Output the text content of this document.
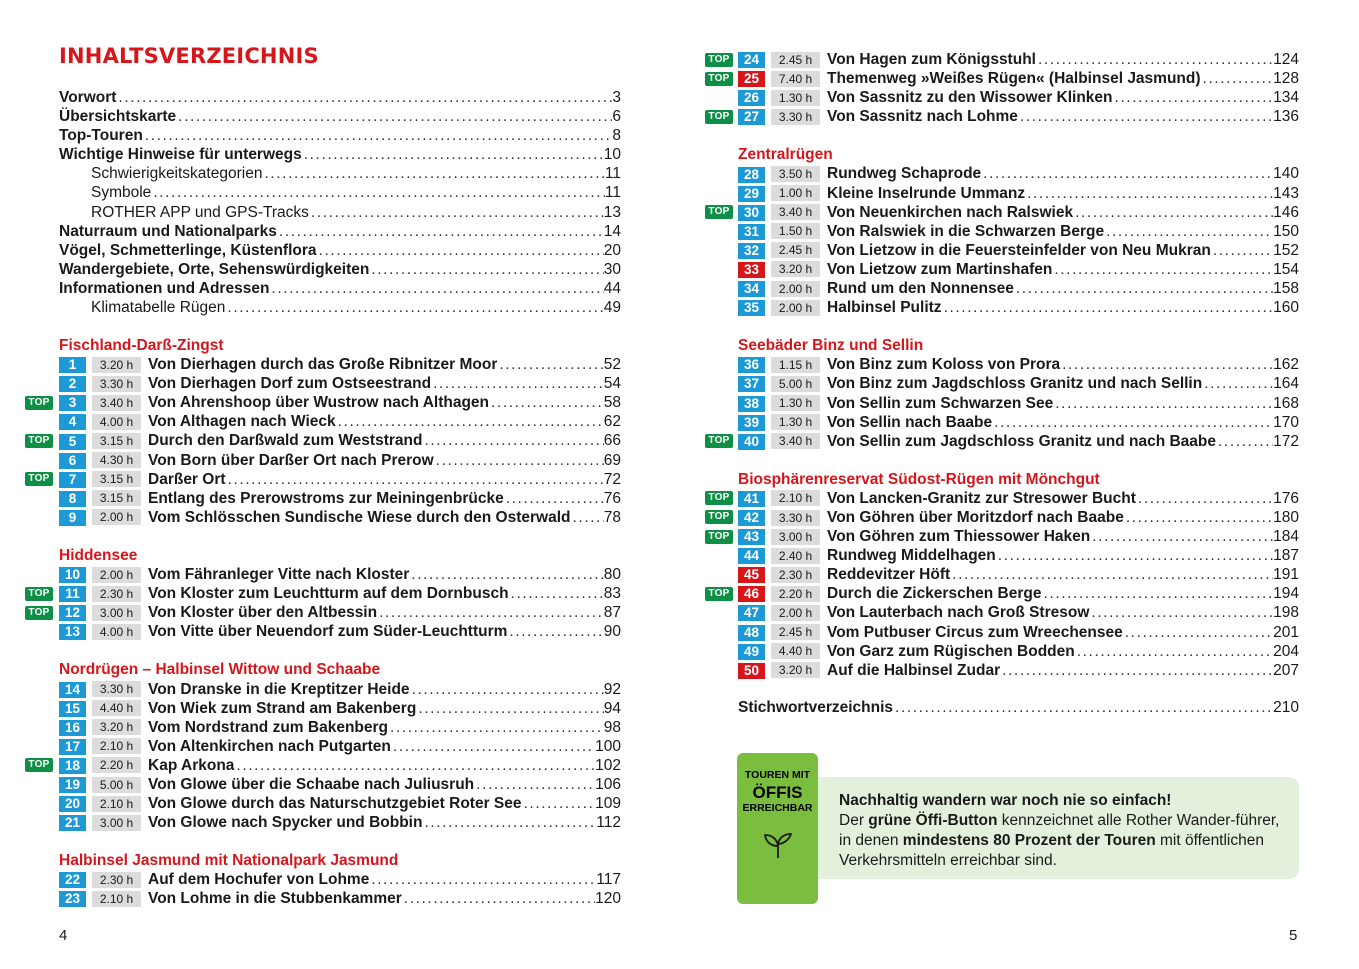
INHALTSVERZEICHNIS
Vorwort .....	3
Übersichtskarte .....	6
Top-Touren .....	8
Wichtige Hinweise für unterwegs .....	10
Schwierigkeitskategorien .....	11
Symbole .....	11
ROTHER APP und GPS-Tracks .....	13
Naturraum und Nationalparks .....	14
Vögel, Schmetterlinge, Küstenflora .....	20
Wandergebiete, Orte, Sehenswürdigkeiten .....	30
Informationen und Adressen .....	44
Klimatabelle Rügen .....	49
Fischland-Darß-Zingst
1	3.20 h Von Dierhagen durch das Große Ribnitzer Moor .....	52
2	3.30 h Von Dierhagen Dorf zum Ostseestrand .....	54
TOP	3	3.40 h Von Ahrenshoop über Wustrow nach Althagen .....	58
4	4.00 h Von Althagen nach Wieck .....	62
TOP	5	3.15 h Durch den Darßwald zum Weststrand .....	66
6	4.30 h Von Born über Darßer Ort nach Prerow .....	69
TOP	7	3.15 h Darßer Ort .....	72
8	3.15 h Entlang des Prerowstroms zur Meiningenbrücke .....	76
9	2.00 h Vom Schlösschen Sundische Wiese durch den Osterwald ..... 78
Hiddensee
10	2.00 h Vom Fähranleger Vitte nach Kloster .....	80
TOP	11	2.30 h Von Kloster zum Leuchtturm auf dem Dornbusch .....	83
TOP	12	3.00 h Von Kloster über den Altbessin .....	87
13	4.00 h Von Vitte über Neuendorf zum Süder-Leuchtturm .....	90
Nordrügen – Halbinsel Wittow und Schaabe
14	3.30 h Von Dranske in die Kreptitzer Heide .....	92
15	4.40 h Von Wiek zum Strand am Bakenberg .....	94
16	3.20 h Vom Nordstrand zum Bakenberg .....	98
17	2.10 h Von Altenkirchen nach Putgarten .....	100
TOP	18	2.20 h Kap Arkona .....	102
19	5.00 h Von Glowe über die Schaabe nach Juliusruh .....	106
20	2.10 h Von Glowe durch das Naturschutzgebiet Roter See .....	109
21	3.00 h Von Glowe nach Spycker und Bobbin .....	112
Halbinsel Jasmund mit Nationalpark Jasmund
22	2.30 h Auf dem Hochufer von Lohme .....	117
23	2.10 h Von Lohme in die Stubbenkammer .....	120
4
TOP	24	2.45 h Von Hagen zum Königsstuhl .....	124
TOP	25	7.40 h Themenweg »Weißes Rügen« (Halbinsel Jasmund) .....	128
26	1.30 h Von Sassnitz zu den Wissower Klinken .....	134
TOP	27	3.30 h Von Sassnitz nach Lohme .....	136
Zentralrügen
28	3.50 h Rundweg Schaprode .....	140
29	1.00 h Kleine Inselrunde Ummanz .....	143
TOP	30	3.40 h Von Neuenkirchen nach Ralswiek .....	146
31	1.50 h Von Ralswiek in die Schwarzen Berge .....	150
32	2.45 h Von Lietzow in die Feuersteinfelder von Neu Mukran .....	152
33	3.20 h Von Lietzow zum Martinshafen .....	154
34	2.00 h Rund um den Nonnensee .....	158
35	2.00 h Halbinsel Pulitz .....	160
Seebäder Binz und Sellin
36	1.15 h Von Binz zum Koloss von Prora .....	162
37	5.00 h Von Binz zum Jagdschloss Granitz und nach Sellin .....	164
38	1.30 h Von Sellin zum Schwarzen See .....	168
39	1.30 h Von Sellin nach Baabe .....	170
TOP	40	3.40 h Von Sellin zum Jagdschloss Granitz und nach Baabe .....	172
Biosphärenreservat Südost-Rügen mit Mönchgut
TOP	41	2.10 h Von Lancken-Granitz zur Stresower Bucht .....	176
TOP	42	3.30 h Von Göhren über Moritzdorf nach Baabe .....	180
TOP	43	3.00 h Von Göhren zum Thiessower Haken .....	184
44	2.40 h Rundweg Middelhagen .....	187
45	2.30 h Reddevitzer Höft .....	191
TOP	46	2.20 h Durch die Zickerschen Berge .....	194
47	2.00 h Von Lauterbach nach Groß Stresow .....	198
48	2.45 h Vom Putbuser Circus zum Wreechensee .....	201
49	4.40 h Von Garz zum Rügischen Bodden .....	204
50	3.20 h Auf die Halbinsel Zudar .....	207
Stichwortverzeichnis .....	210
5
TOUREN MIT
ÖFFIS
ERREICHBAR	Nachhaltig wandern war noch nie so einfach!
Der grüne Öffi-Button kennzeichnet alle Rother Wander-führer, in denen mindestens 80 Prozent der Touren mit öffentlichen Verkehrsmitteln erreichbar sind.
